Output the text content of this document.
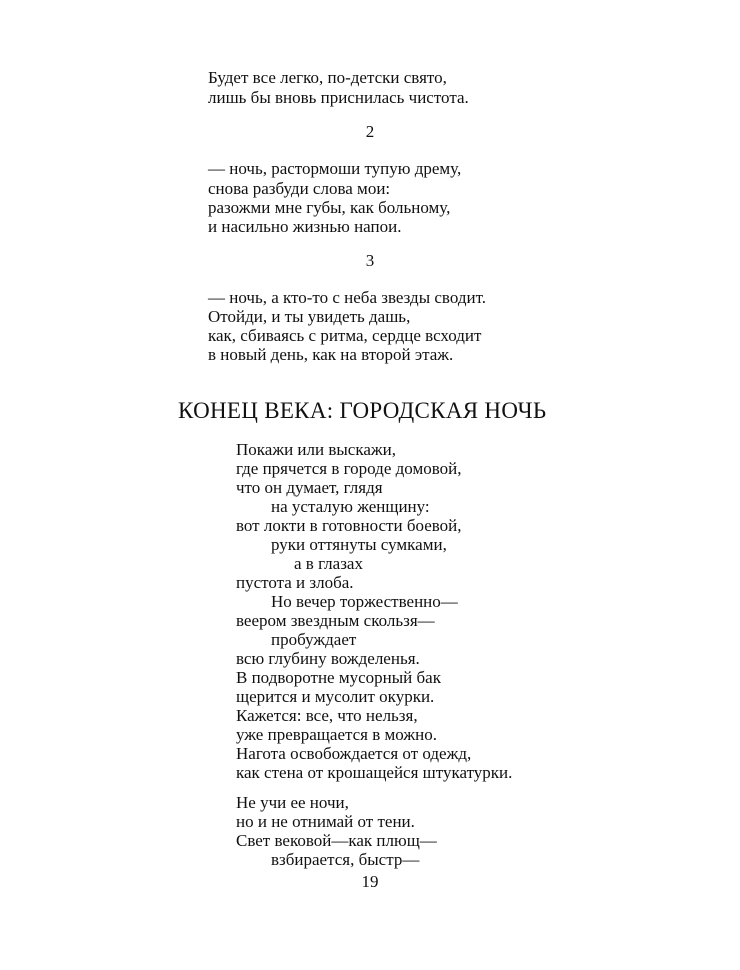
Будет все легко, по-детски свято,
лишь бы вновь приснилась чистота.
2
— ночь, растормоши тупую дрему,
снова разбуди слова мои:
разожми мне губы, как больному,
и насильно жизнью напои.
3
— ночь, а кто-то с неба звезды сводит.
Отойди, и ты увидеть дашь,
как, сбиваясь с ритма, сердце всходит
в новый день, как на второй этаж.
КОНЕЦ ВЕКА: ГОРОДСКАЯ НОЧЬ
Покажи или выскажи,
где прячется в городе домовой,
что он думает, глядя
на усталую женщину:
вот локти в готовности боевой,
руки оттянуты сумками,
а в глазах
пустота и злоба.
Но вечер торжественно—
веером звездным скользя—
пробуждает
всю глубину вожделенья.
В подворотне мусорный бак
щерится и мусолит окурки.
Кажется: все, что нельзя,
уже превращается в можно.
Нагота освобождается от одежд,
как стена от крошащейся штукатурки.
Не учи ее ночи,
но и не отнимай от тени.
Свет вековой—как плющ—
взбирается, быстр—
19
